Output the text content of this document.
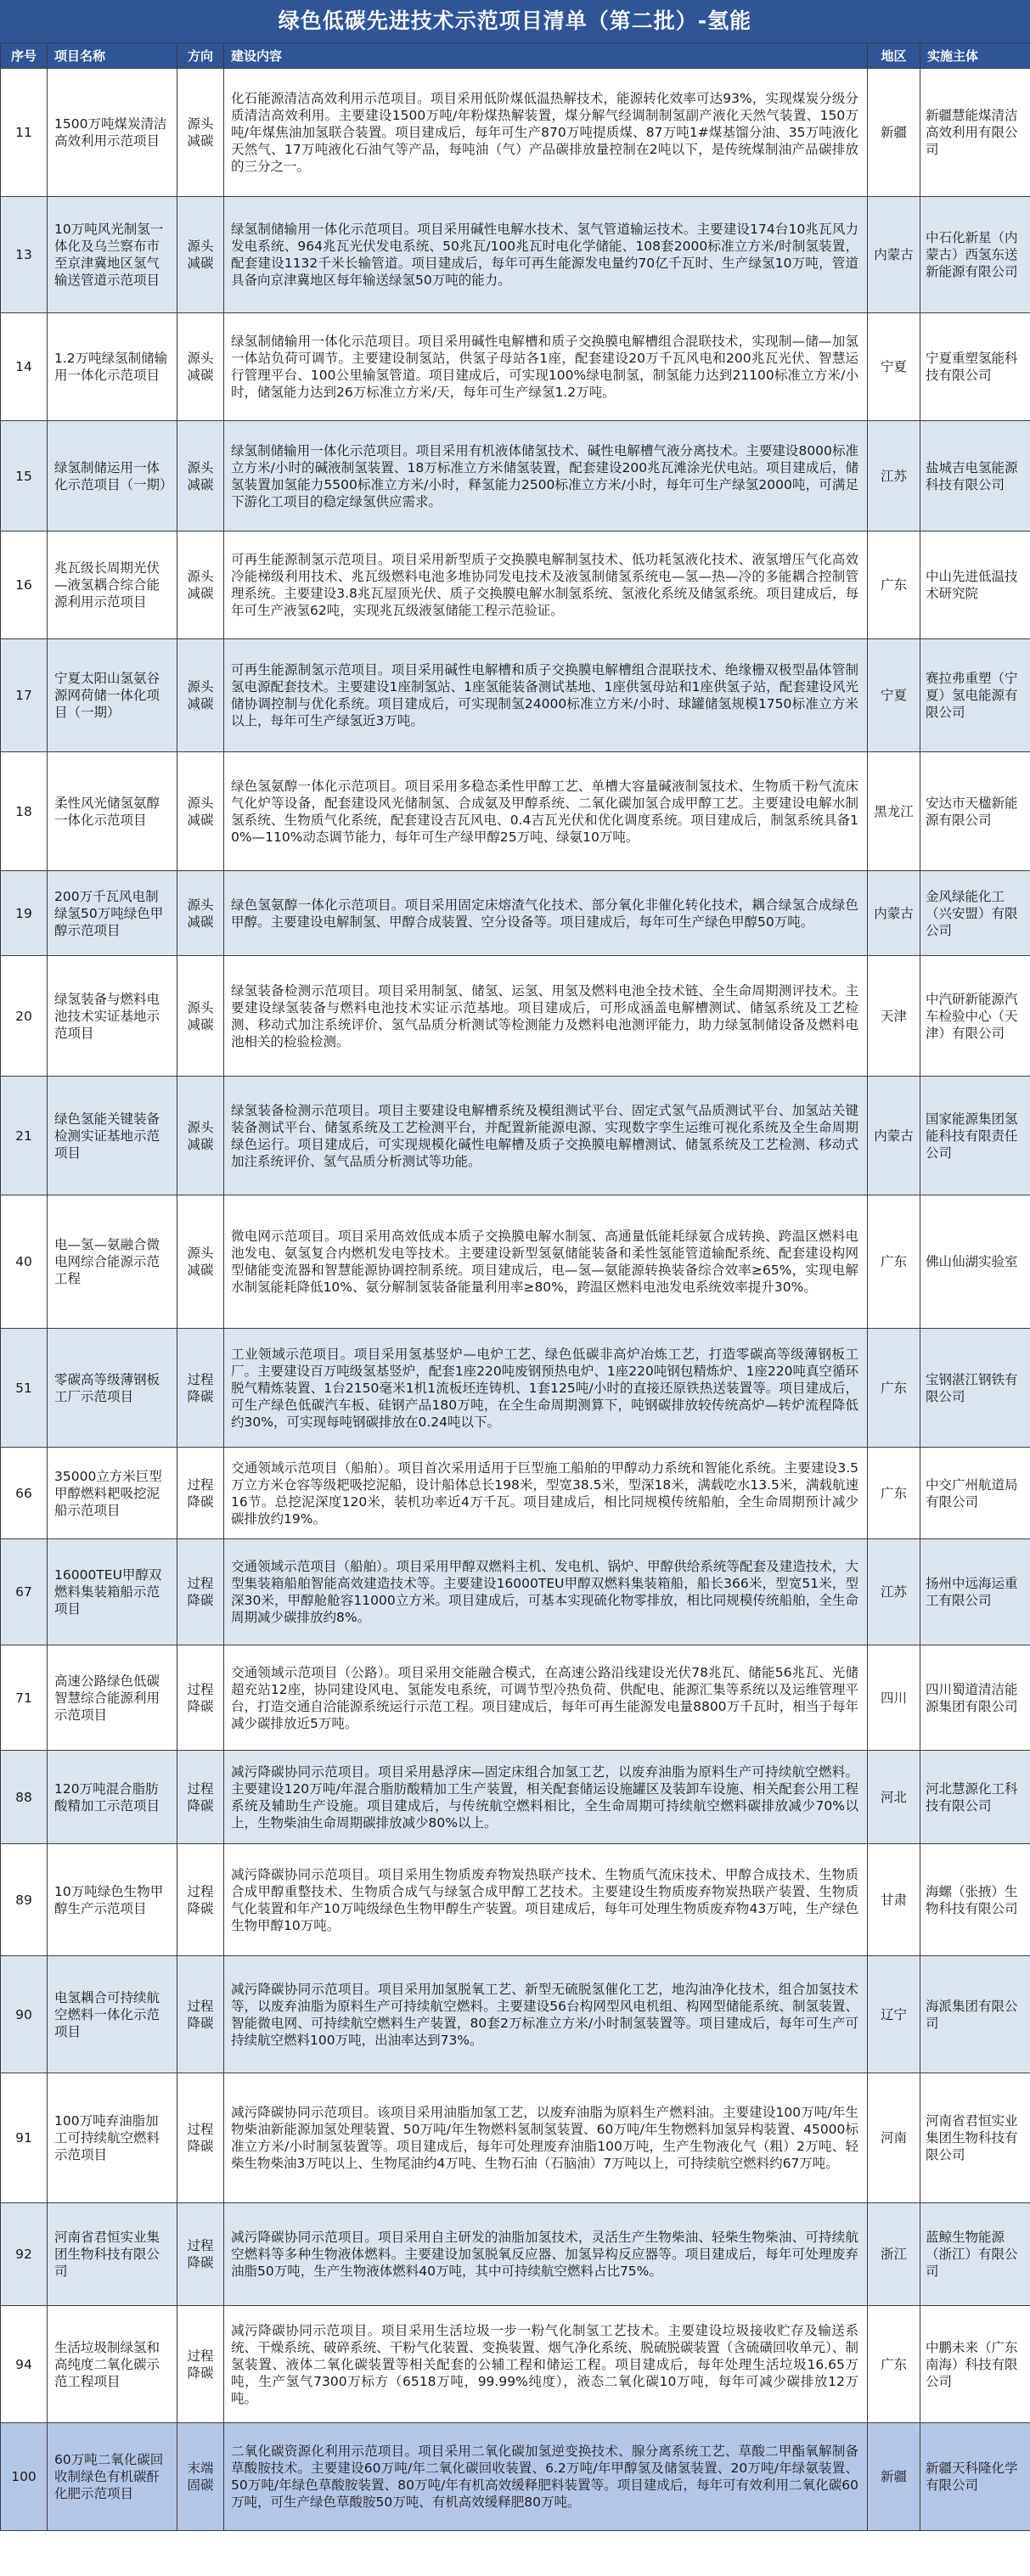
绿色低碳先进技术示范项目清单（第二批）-氢能
序号	项目名称	方向	建设内容	地区	实施主体
11	1500万吨煤炭清洁高效利用示范项目	源头减碳	化石能源清洁高效利用示范项目。项目采用低阶煤低温热解技术，能源转化效率可达93%，实现煤炭分级分质清洁高效利用。主要建设1500万吨/年粉煤热解装置，煤分解气经调制制氢副产液化天然气装置、150万吨/年煤焦油加氢联合装置。项目建成后，每年可生产870万吨提质煤、87万吨1#煤基馏分油、35万吨液化天然气、17万吨液化石油气等产品，每吨油（气）产品碳排放量控制在2吨以下，是传统煤制油产品碳排放的三分之一。	新疆	新疆慧能煤清洁高效利用有限公司
13	10万吨风光制氢一体化及乌兰察布市至京津冀地区氢气输送管道示范项目	源头减碳	绿氢制储输用一体化示范项目。项目采用碱性电解水技术、氢气管道输运技术。主要建设174台10兆瓦风力发电系统、964兆瓦光伏发电系统、50兆瓦/100兆瓦时电化学储能、108套2000标准立方米/时制氢装置，配套建设1132千米长输管道。项目建成后，每年可再生能源发电量约70亿千瓦时、生产绿氢10万吨，管道具备向京津冀地区每年输送绿氢50万吨的能力。	内蒙古	中石化新星（内蒙古）西氢东送新能源有限公司
14	1.2万吨绿氢制储输用一体化示范项目	源头减碳	绿氢制储输用一体化示范项目。项目采用碱性电解槽和质子交换膜电解槽组合混联技术，实现制—储—加氢一体站负荷可调节。主要建设制氢站，供氢子母站各1座，配套建设20万千瓦风电和200兆瓦光伏、智慧运行管理平台、100公里输氢管道。项目建成后，可实现100%绿电制氢，制氢能力达到21100标准立方米/小时，储氢能力达到26万标准立方米/天，每年可生产绿氢1.2万吨。	宁夏	宁夏重塑氢能科技有限公司
15	绿氢制储运用一体化示范项目（一期）	源头减碳	绿氢制储输用一体化示范项目。项目采用有机液体储氢技术、碱性电解槽气液分离技术。主要建设8000标准立方米/小时的碱液制氢装置、18万标准立方米储氢装置，配套建设200兆瓦滩涂光伏电站。项目建成后，储氢装置加氢能力5500标准立方米/小时，释氢能力2500标准立方米/小时，每年可生产绿氢2000吨，可满足下游化工项目的稳定绿氢供应需求。	江苏	盐城吉电氢能源科技有限公司
16	兆瓦级长周期光伏—液氢耦合综合能源利用示范项目	源头减碳	可再生能源制氢示范项目。项目采用新型质子交换膜电解制氢技术、低功耗氢液化技术、液氢增压气化高效冷能梯级利用技术、兆瓦级燃料电池多堆协同发电技术及液氢制储氢系统电—氢—热—冷的多能耦合控制管理系统。主要建设3.8兆瓦屋顶光伏、质子交换膜电解水制氢系统、氢液化系统及储氢系统。项目建成后，每年可生产液氢62吨，实现兆瓦级液氢储能工程示范验证。	广东	中山先进低温技术研究院
17	宁夏太阳山氢氨谷源网荷储一体化项目（一期）	源头减碳	可再生能源制氢示范项目。项目采用碱性电解槽和质子交换膜电解槽组合混联技术、绝缘栅双极型晶体管制氢电源配套技术。主要建设1座制氢站、1座氢能装备测试基地、1座供氢母站和1座供氢子站，配套建设风光储协调控制与优化系统。项目建成后，可实现制氢24000标准立方米/小时、球罐储氢规模1750标准立方米以上，每年可生产绿氢近3万吨。	宁夏	赛拉弗重塑（宁夏）氢电能源有限公司
18	柔性风光储氢氨醇一体化示范项目	源头减碳	绿色氢氨醇一体化示范项目。项目采用多稳态柔性甲醇工艺、单槽大容量碱液制氢技术、生物质干粉气流床气化炉等设备，配套建设风光储制氢、合成氨及甲醇系统、二氧化碳加氢合成甲醇工艺。主要建设电解水制氢系统、生物质气化系统，配套建设吉瓦风电、0.4吉瓦光伏和优化调度系统。项目建成后，制氢系统具备10%—110%动态调节能力，每年可生产绿甲醇25万吨、绿氨10万吨。	黑龙江	安达市天楹新能源有限公司
19	200万千瓦风电制绿氢50万吨绿色甲醇示范项目	源头减碳	绿色氢氨醇一体化示范项目。项目采用固定床熔渣气化技术、部分氧化非催化转化技术，耦合绿氢合成绿色甲醇。主要建设电解制氢、甲醇合成装置、空分设备等。项目建成后，每年可生产绿色甲醇50万吨。	内蒙古	金风绿能化工（兴安盟）有限公司
20	绿氢装备与燃料电池技术实证基地示范项目	源头减碳	绿氢装备检测示范项目。项目采用制氢、储氢、运氢、用氢及燃料电池全技术链、全生命周期测评技术。主要建设绿氢装备与燃料电池技术实证示范基地。项目建成后，可形成涵盖电解槽测试、储氢系统及工艺检测、移动式加注系统评价、氢气品质分析测试等检测能力及燃料电池测评能力，助力绿氢制储设备及燃料电池相关的检验检测。	天津	中汽研新能源汽车检验中心（天津）有限公司
21	绿色氢能关键装备检测实证基地示范项目	源头减碳	绿氢装备检测示范项目。项目主要建设电解槽系统及模组测试平台、固定式氢气品质测试平台、加氢站关键装备测试平台、储氢系统及工艺检测平台，并配置新能源电源、实现数字孪生运维可视化系统及全生命周期绿色运行。项目建成后，可实现规模化碱性电解槽及质子交换膜电解槽测试、储氢系统及工艺检测、移动式加注系统评价、氢气品质分析测试等功能。	内蒙古	国家能源集团氢能科技有限责任公司
40	电—氢—氨融合微电网综合能源示范工程	源头减碳	微电网示范项目。项目采用高效低成本质子交换膜电解水制氢、高通量低能耗绿氨合成转换、跨温区燃料电池发电、氨氢复合内燃机发电等技术。主要建设新型氢氨储能装备和柔性氢能管道输配系统、配套建设构网型储能变流器和智慧能源协调控制系统。项目建成后，电—氢—氨能源转换装备综合效率≥65%，实现电解水制氢能耗降低10%、氨分解制氢装备能量利用率≥80%，跨温区燃料电池发电系统效率提升30%。	广东	佛山仙湖实验室
51	零碳高等级薄钢板工厂示范项目	过程降碳	工业领域示范项目。项目采用氢基竖炉—电炉工艺、绿色低碳非高炉冶炼工艺，打造零碳高等级薄钢板工厂。主要建设百万吨级氢基竖炉，配套1座220吨废钢预热电炉、1座220吨钢包精炼炉、1座220吨真空循环脱气精炼装置、1台2150毫米1机1流板坯连铸机、1套125吨/小时的直接还原铁热送装置等。项目建成后，可生产绿色低碳汽车板、硅钢产品180万吨，在全生命周期测算下，吨钢碳排放较传统高炉—转炉流程降低约30%，可实现每吨钢碳排放在0.24吨以下。	广东	宝钢湛江钢铁有限公司
66	35000立方米巨型甲醇燃料耙吸挖泥船示范项目	过程降碳	交通领域示范项目（船舶）。项目首次采用适用于巨型施工船舶的甲醇动力系统和智能化系统。主要建设3.5万立方米仓容等级耙吸挖泥船，设计船体总长198米，型宽38.5米，型深18米，满载吃水13.5米，满载航速16节。总挖泥深度120米，装机功率近4万千瓦。项目建成后，相比同规模传统船舶，全生命周期预计减少碳排放约19%。	广东	中交广州航道局有限公司
67	16000TEU甲醇双燃料集装箱船示范项目	过程降碳	交通领域示范项目（船舶）。项目采用甲醇双燃料主机、发电机、锅炉、甲醇供给系统等配套及建造技术，大型集装箱船舶智能高效建造技术等。主要建设16000TEU甲醇双燃料集装箱船，船长366米，型宽51米，型深30米，甲醇舱舱容11000立方米。项目建成后，可基本实现硫化物零排放，相比同规模传统船舶，全生命周期减少碳排放约8%。	江苏	扬州中远海运重工有限公司
71	高速公路绿色低碳智慧综合能源利用示范项目	过程降碳	交通领域示范项目（公路）。项目采用交能融合模式，在高速公路沿线建设光伏78兆瓦、储能56兆瓦、光储超充站12座，协同建设风电、氢能发电系统，可调节型冷热负荷、供配电、能源汇集等系统以及运维管理平台，打造交通自洽能源系统运行示范工程。项目建成后，每年可再生能源发电量8800万千瓦时，相当于每年减少碳排放近5万吨。	四川	四川蜀道清洁能源集团有限公司
88	120万吨混合脂肪酸精加工示范项目	过程降碳	减污降碳协同示范项目。项目采用悬浮床—固定床组合加氢工艺，以废弃油脂为原料生产可持续航空燃料。主要建设120万吨/年混合脂肪酸精加工生产装置，相关配套储运设施罐区及装卸车设施、相关配套公用工程系统及辅助生产设施。项目建成后，与传统航空燃料相比，全生命周期可持续航空燃料碳排放减少70%以上，生物柴油生命周期碳排放减少80%以上。	河北	河北慧源化工科技有限公司
89	10万吨绿色生物甲醇生产示范项目	过程降碳	减污降碳协同示范项目。项目采用生物质废弃物炭热联产技术、生物质气流床技术、甲醇合成技术、生物质合成甲醇重整技术、生物质合成气与绿氢合成甲醇工艺技术。主要建设生物质废弃物炭热联产装置、生物质气化装置和年产10万吨级绿色生物甲醇生产装置。项目建成后，每年可处理生物质废弃物43万吨，生产绿色生物甲醇10万吨。	甘肃	海螺（张掖）生物科技有限公司
90	电氢耦合可持续航空燃料一体化示范项目	过程降碳	减污降碳协同示范项目。项目采用加氢脱氧工艺、新型无硫脱氢催化工艺，地沟油净化技术，组合加氢技术等，以废弃油脂为原料生产可持续航空燃料。主要建设56台构网型风电机组、构网型储能系统、制氢装置、智能微电网、可持续航空燃料生产装置，80套2万标准立方米/小时制氢装置等。项目建成后，每年可生产可持续航空燃料100万吨，出油率达到73%。	辽宁	海派集团有限公司
91	100万吨弃油脂加工可持续航空燃料示范项目	过程降碳	减污降碳协同示范项目。该项目采用油脂加氢工艺，以废弃油脂为原料生产燃料油。主要建设100万吨/年生物柴油新能源加氢处理装置、50万吨/年生物燃料氢制氢装置、60万吨/年生物燃料加氢异构装置、45000标准立方米/小时制氢装置等。项目建成后，每年可处理废弃油脂100万吨，生产生物液化气（粗）2万吨、轻柴生物柴油3万吨以上、生物尾油约4万吨、生物石油（石脑油）7万吨以上，可持续航空燃料约67万吨。	河南	河南省君恒实业集团生物科技有限公司
92	河南省君恒实业集团生物科技有限公司	过程降碳	减污降碳协同示范项目。项目采用自主研发的油脂加氢技术，灵活生产生物柴油、轻柴生物柴油、可持续航空燃料等多种生物液体燃料。主要建设加氢脱氧反应器、加氢异构反应器等。项目建成后，每年可处理废弃油脂50万吨，生产生物液体燃料40万吨，其中可持续航空燃料占比75%。	浙江	蓝鲸生物能源（浙江）有限公司
94	生活垃圾制绿氢和高纯度二氧化碳示范工程项目	过程降碳	减污降碳协同示范项目。项目采用生活垃圾一步一粉气化制氢工艺技术。主要建设垃圾接收贮存及输送系统、干燥系统、破碎系统、干粉气化装置、变换装置、烟气净化系统、脱硫脱碳装置（含硫磺回收单元）、制氢装置、液体二氧化碳装置等相关配套的公辅工程和储运工程。项目建成后，每年处理生活垃圾16.65万吨，生产氢气7300万标方（6518万吨，99.99%纯度），液态二氧化碳10万吨，每年可减少碳排放12万吨。	广东	中鹏未来（广东南海）科技有限公司
100	60万吨二氧化碳回收制绿色有机碳酐化肥示范项目	末端固碳	二氧化碳资源化利用示范项目。项目采用二氧化碳加氢逆变换技术、腺分离系统工艺、草酸二甲酯氧解制备草酸胺技术。主要建设60万吨/年二氧化碳回收装置、6.2万吨/年甲醇氢及储氢装置、20万吨/年绿氨装置、50万吨/年绿色草酸胺装置、80万吨/年有机高效缓释肥料装置等。项目建成后，每年可有效利用二氧化碳60万吨，可生产绿色草酸胺50万吨、有机高效缓释肥80万吨。	新疆	新疆天科隆化学有限公司
